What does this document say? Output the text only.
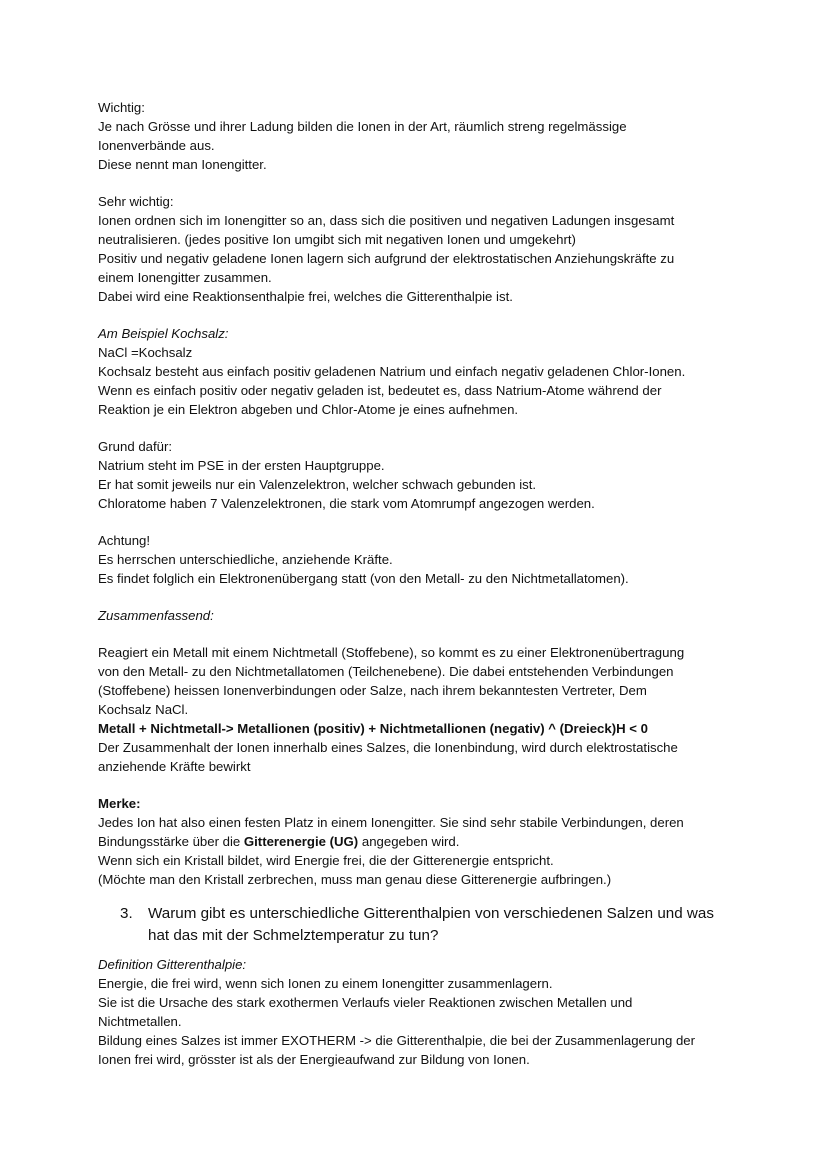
Wichtig:
Je nach Grösse und ihrer Ladung bilden die Ionen in der Art, räumlich streng regelmässige
Ionenverbände aus.
Diese nennt man Ionengitter.
Sehr wichtig:
Ionen ordnen sich im Ionengitter so an, dass sich die positiven und negativen Ladungen insgesamt
neutralisieren. (jedes positive Ion umgibt sich mit negativen Ionen und umgekehrt)
Positiv und negativ geladene Ionen lagern sich aufgrund der elektrostatischen Anziehungskräfte zu
einem Ionengitter zusammen.
Dabei wird eine Reaktionsenthalpie frei, welches die Gitterenthalpie ist.
Am Beispiel Kochsalz:
NaCl =Kochsalz
Kochsalz besteht aus einfach positiv geladenen Natrium und einfach negativ geladenen Chlor-Ionen.
Wenn es einfach positiv oder negativ geladen ist, bedeutet es, dass Natrium-Atome während der
Reaktion je ein Elektron abgeben und Chlor-Atome je eines aufnehmen.
Grund dafür:
Natrium steht im PSE in der ersten Hauptgruppe.
Er hat somit jeweils nur ein Valenzelektron, welcher schwach gebunden ist.
Chloratome haben 7 Valenzelektronen, die stark vom Atomrumpf angezogen werden.
Achtung!
Es herrschen unterschiedliche, anziehende Kräfte.
Es findet folglich ein Elektronenübergang statt (von den Metall- zu den Nichtmetallatomen).
Zusammenfassend:
Reagiert ein Metall mit einem Nichtmetall (Stoffebene), so kommt es zu einer Elektronenübertragung
von den Metall- zu den Nichtmetallatomen (Teilchenebene). Die dabei entstehenden Verbindungen
(Stoffebene) heissen Ionenverbindungen oder Salze, nach ihrem bekanntesten Vertreter, Dem
Kochsalz NaCl.
Metall + Nichtmetall-> Metallionen (positiv) + Nichtmetallionen (negativ) ^ (Dreieck)H < 0
Der Zusammenhalt der Ionen innerhalb eines Salzes, die Ionenbindung, wird durch elektrostatische
anziehende Kräfte bewirkt
Merke:
Jedes Ion hat also einen festen Platz in einem Ionengitter. Sie sind sehr stabile Verbindungen, deren
Bindungsstärke über die Gitterenergie (UG) angegeben wird.
Wenn sich ein Kristall bildet, wird Energie frei, die der Gitterenergie entspricht.
(Möchte man den Kristall zerbrechen, muss man genau diese Gitterenergie aufbringen.)
3.	Warum gibt es unterschiedliche Gitterenthalpien von verschiedenen Salzen und was hat das mit der Schmelztemperatur zu tun?
Definition Gitterenthalpie:
Energie, die frei wird, wenn sich Ionen zu einem Ionengitter zusammenlagern.
Sie ist die Ursache des stark exothermen Verlaufs vieler Reaktionen zwischen Metallen und
Nichtmetallen.
Bildung eines Salzes ist immer EXOTHERM -> die Gitterenthalpie, die bei der Zusammenlagerung der
Ionen frei wird, grösster ist als der Energieaufwand zur Bildung von Ionen.
